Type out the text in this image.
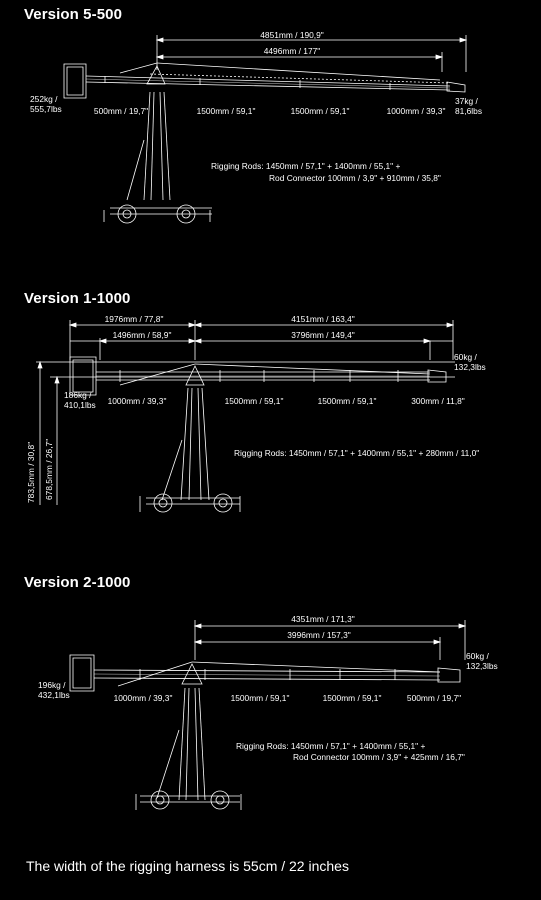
Version 5-500
4851mm / 190,9"
4496mm / 177"
252kg /
555,7lbs
37kg /
81,6lbs
500mm / 19,7"	1500mm / 59,1"	1500mm / 59,1"	1000mm / 39,3"
Rigging Rods: 1450mm / 57,1" + 1400mm / 55,1" +
Rod Connector 100mm / 3,9" + 910mm / 35,8"
Version 1-1000
1976mm / 77,8"
1496mm / 58,9"
4151mm / 163,4"
3796mm / 149,4"
60kg /
132,3lbs
186kg /
410,1lbs 1000mm / 39,3"	1500mm / 59,1"	1500mm / 59,1"	300mm / 11,8"
783,5mm / 30,8" 678,5mm / 26,7"	Rigging Rods: 1450mm / 57,1" + 1400mm / 55,1" + 280mm / 11,0"
Version 2-1000
4351mm / 171,3"
3996mm / 157,3"
60kg /
132,3lbs
196kg /
432,1lbs	1000mm / 39,3"	1500mm / 59,1"	1500mm / 59,1"	500mm / 19,7"
Rigging Rods: 1450mm / 57,1" + 1400mm / 55,1" +
Rod Connector 100mm / 3,9" + 425mm / 16,7"
The width of the rigging harness is 55cm / 22 inches
